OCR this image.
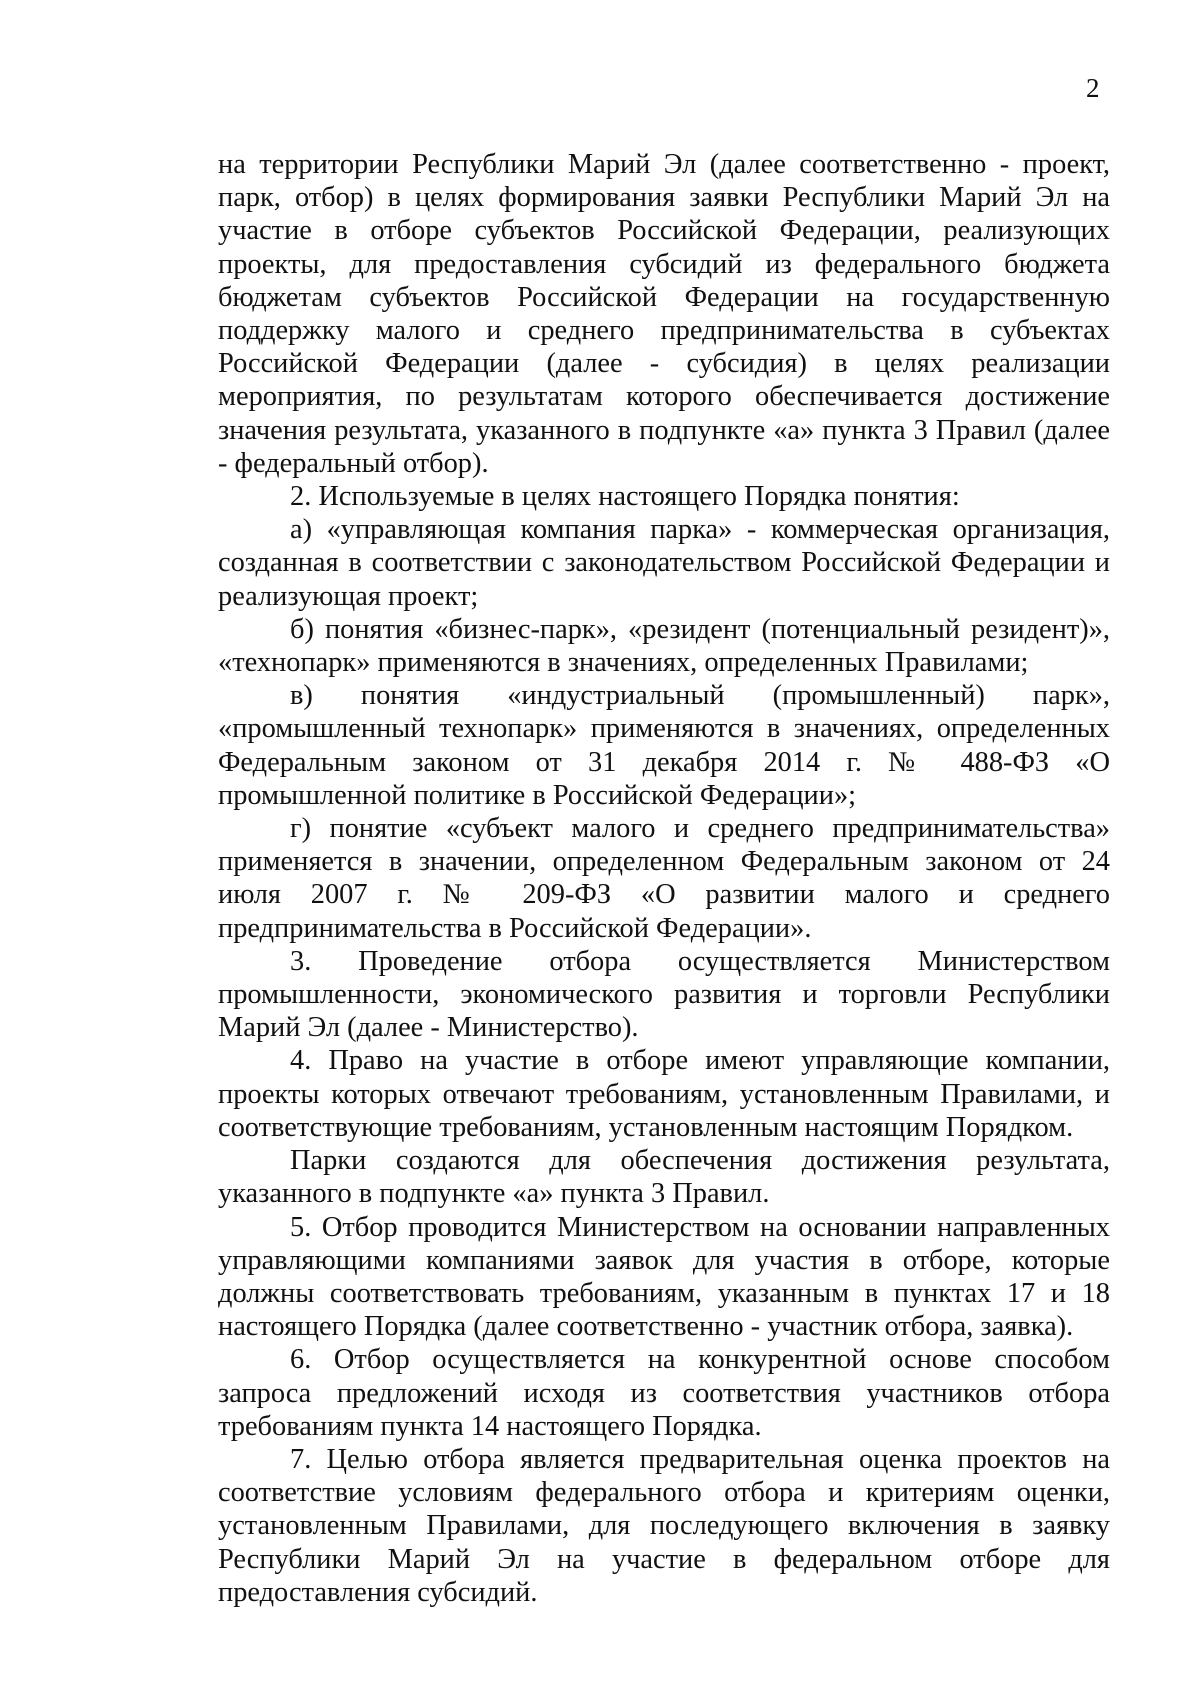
2

на территории Республики Марий Эл (далее соответственно - проект, парк, отбор) в целях формирования заявки Республики Марий Эл на участие в отборе субъектов Российской Федерации, реализующих проекты, для предоставления субсидий из федерального бюджета бюджетам субъектов Российской Федерации на государственную поддержку малого и среднего предпринимательства в субъектах Российской Федерации (далее - субсидия) в целях реализации мероприятия, по результатам которого обеспечивается достижение значения результата, указанного в подпункте «а» пункта 3 Правил (далее - федеральный отбор).

2. Используемые в целях настоящего Порядка понятия:

а) «управляющая компания парка» - коммерческая организация, созданная в соответствии с законодательством Российской Федерации и реализующая проект;

б) понятия «бизнес-парк», «резидент (потенциальный резидент)», «технопарк» применяются в значениях, определенных Правилами;

в) понятия «индустриальный (промышленный) парк», «промышленный технопарк» применяются в значениях, определенных Федеральным законом от 31 декабря 2014 г. № 488-ФЗ «О промышленной политике в Российской Федерации»;

г) понятие «субъект малого и среднего предпринимательства» применяется в значении, определенном Федеральным законом от 24 июля 2007 г. № 209-ФЗ «О развитии малого и среднего предпринимательства в Российской Федерации».

3. Проведение отбора осуществляется Министерством промышленности, экономического развития и торговли Республики Марий Эл (далее - Министерство).

4. Право на участие в отборе имеют управляющие компании, проекты которых отвечают требованиям, установленным Правилами, и соответствующие требованиям, установленным настоящим Порядком.

Парки создаются для обеспечения достижения результата, указанного в подпункте «а» пункта 3 Правил.

5. Отбор проводится Министерством на основании направленных управляющими компаниями заявок для участия в отборе, которые должны соответствовать требованиям, указанным в пунктах 17 и 18 настоящего Порядка (далее соответственно - участник отбора, заявка).

6. Отбор осуществляется на конкурентной основе способом запроса предложений исходя из соответствия участников отбора требованиям пункта 14 настоящего Порядка.

7. Целью отбора является предварительная оценка проектов на соответствие условиям федерального отбора и критериям оценки, установленным Правилами, для последующего включения в заявку Республики Марий Эл на участие в федеральном отборе для предоставления субсидий.
